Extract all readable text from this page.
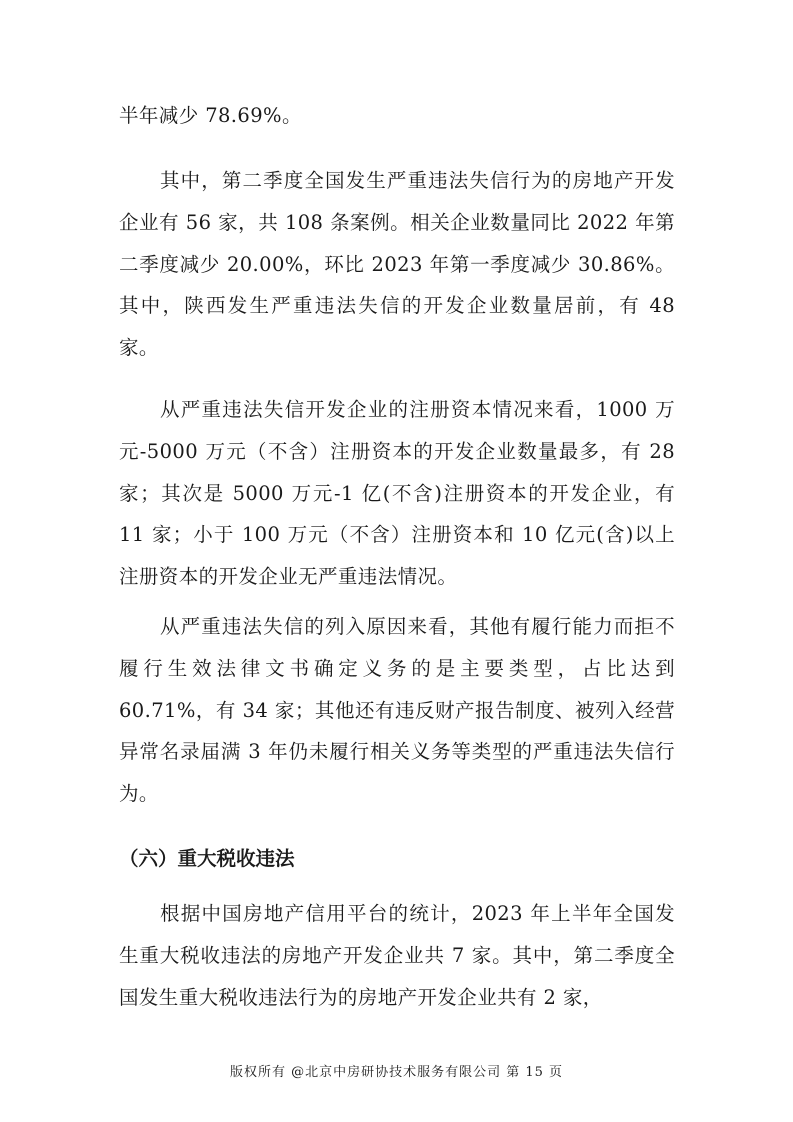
半年减少 78.69%。

其中，第二季度全国发生严重违法失信行为的房地产开发企业有 56 家，共 108 条案例。相关企业数量同比 2022 年第二季度减少 20.00%，环比 2023 年第一季度减少 30.86%。其中，陕西发生严重违法失信的开发企业数量居前，有 48 家。

从严重违法失信开发企业的注册资本情况来看，1000 万元-5000 万元（不含）注册资本的开发企业数量最多，有 28 家；其次是 5000 万元-1 亿(不含)注册资本的开发企业，有 11 家；小于 100 万元（不含）注册资本和 10 亿元(含)以上注册资本的开发企业无严重违法情况。

从严重违法失信的列入原因来看，其他有履行能力而拒不履行生效法律文书确定义务的是主要类型，占比达到 60.71%，有 34 家；其他还有违反财产报告制度、被列入经营异常名录届满 3 年仍未履行相关义务等类型的严重违法失信行为。

（六）重大税收违法

根据中国房地产信用平台的统计，2023 年上半年全国发生重大税收违法的房地产开发企业共 7 家。其中，第二季度全国发生重大税收违法行为的房地产开发企业共有 2 家，

版权所有 @北京中房研协技术服务有限公司 第 15 页
